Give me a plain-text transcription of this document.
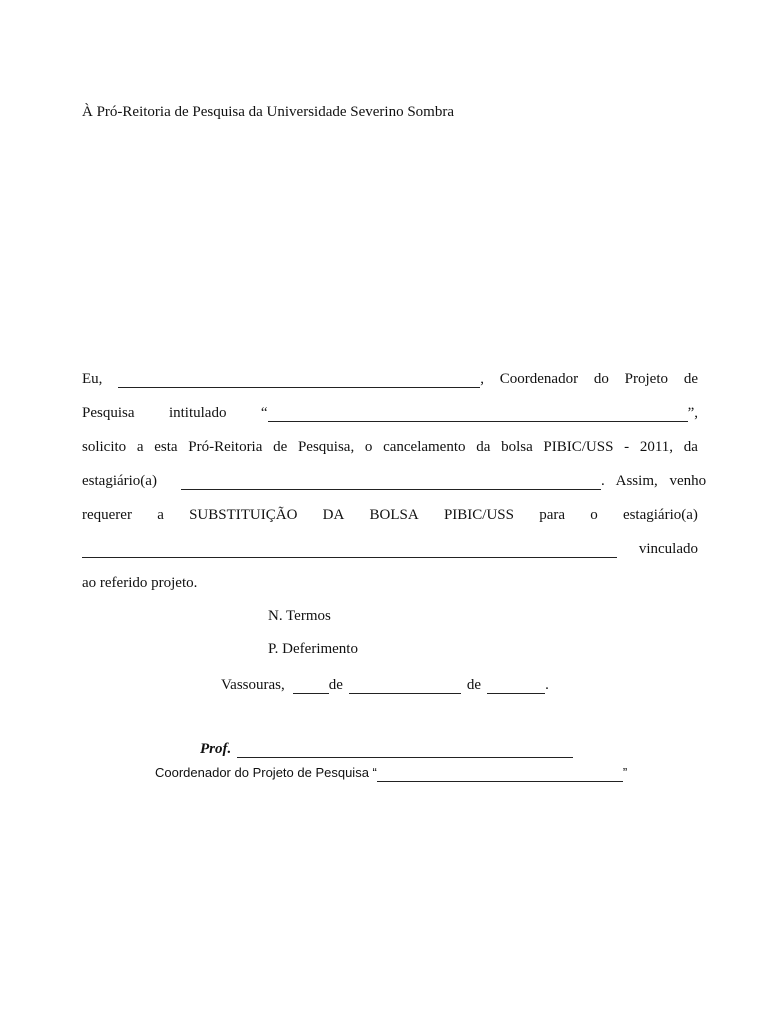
À Pró-Reitoria de Pesquisa da Universidade Severino Sombra
Eu,	, Coordenador do Projeto de
Pesquisa intitulado “	”,
solicito a esta Pró-Reitoria de Pesquisa, o cancelamento da bolsa PIBIC/USS - 2011, da
estagiário(a)	. Assim, venho
requerer a SUBSTITUIÇÃO DA BOLSA PIBIC/USS para o estagiário(a)
vinculado
ao referido projeto.
N. Termos
P. Deferimento
Vassouras,	de	de	.
Prof.
Coordenador do Projeto de Pesquisa “	”
